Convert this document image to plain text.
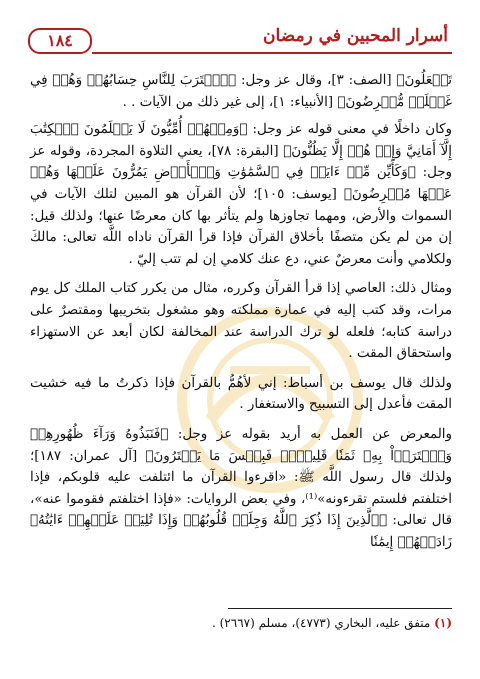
١٨٤	أسرار المحبين في رمضان

تَفۡعَلُونَ﴾ [الصف: ٣]، وقال عز وجل: ﴿ٱقۡتَرَبَ لِلنَّاسِ حِسَابُهُمۡ وَهُمۡ فِي غَفۡلَةٖ مُّعۡرِضُونَ﴾ [الأنبياء: ١]، إلى غير ذلك من الآيات . .

وكان داخلًا في معنى قوله عز وجل: ﴿وَمِنۡهُمۡ أُمِّيُّونَ لَا يَعۡلَمُونَ ٱلۡكِتَٰبَ إِلَّآ أَمَانِيَّ وَإِنۡ هُمۡ إِلَّا يَظُنُّونَ﴾ [البقرة: ٧٨]، يعني التلاوة المجردة، وقوله عز وجل: ﴿وَكَأَيِّن مِّنۡ ءَايَةٖ فِي ٱلسَّمَٰوَٰتِ وَٱلۡأَرۡضِ يَمُرُّونَ عَلَيۡهَا وَهُمۡ عَنۡهَا مُعۡرِضُونَ﴾ [يوسف: ١٠٥]؛ لأن القرآن هو المبين لتلك الآيات في السموات والأرض، ومهما تجاوزها ولم يتأثر بها كان معرضًا عنها؛ ولذلك قيل: إن من لم يكن متصفًا بأخلاق القرآن فإذا قرأ القرآن ناداه اللَّه تعالى: مالكَ ولكلامي وأنت معرضٌ عني، دع عنك كلامي إن لم تتب إليّ .

ومثال ذلك: العاصي إذا قرأ القرآن وكرره، مثال من يكرر كتاب الملك كل يوم مرات، وقد كتب إليه في عمارة مملكته وهو مشغول بتخريبها ومقتصرٌ على دراسة كتابه؛ فلعله لو ترك الدراسة عند المخالفة لكان أبعد عن الاستهزاء واستحقاق المقت .

ولذلك قال يوسف بن أسباط: إني لأهُمُّ بالقرآن فإذا ذكرتُ ما فيه خشيت المقت فأعدل إلى التسبيح والاستغفار .

والمعرض عن العمل به أريد بقوله عز وجل: ﴿فَنَبَذُوهُ وَرَآءَ ظُهُورِهِمۡ وَٱشۡتَرَوۡاْ بِهِۦ ثَمَنٗا قَلِيلٗاۖ فَبِئۡسَ مَا يَشۡتَرُونَ﴾ [آل عمران: ١٨٧]؛ ولذلك قال رسول اللَّه ﷺ: «اقرءوا القرآن ما ائتلفت عليه قلوبكم، فإذا اختلفتم فلستم تقرءونه»⁽¹⁾، وفي بعض الروايات: «فإذا اختلفتم فقوموا عنه»، قال تعالى: ﴿ٱلَّذِينَ إِذَا ذُكِرَ ٱللَّهُ وَجِلَتۡ قُلُوبُهُمۡ وَإِذَا تُلِيَتۡ عَلَيۡهِمۡ ءَايَٰتُهُۥ زَادَتۡهُمۡ إِيمَٰنٗا

(١) متفق عليه، البخاري (٤٧٧٣)، مسلم (٢٦٦٧) .
